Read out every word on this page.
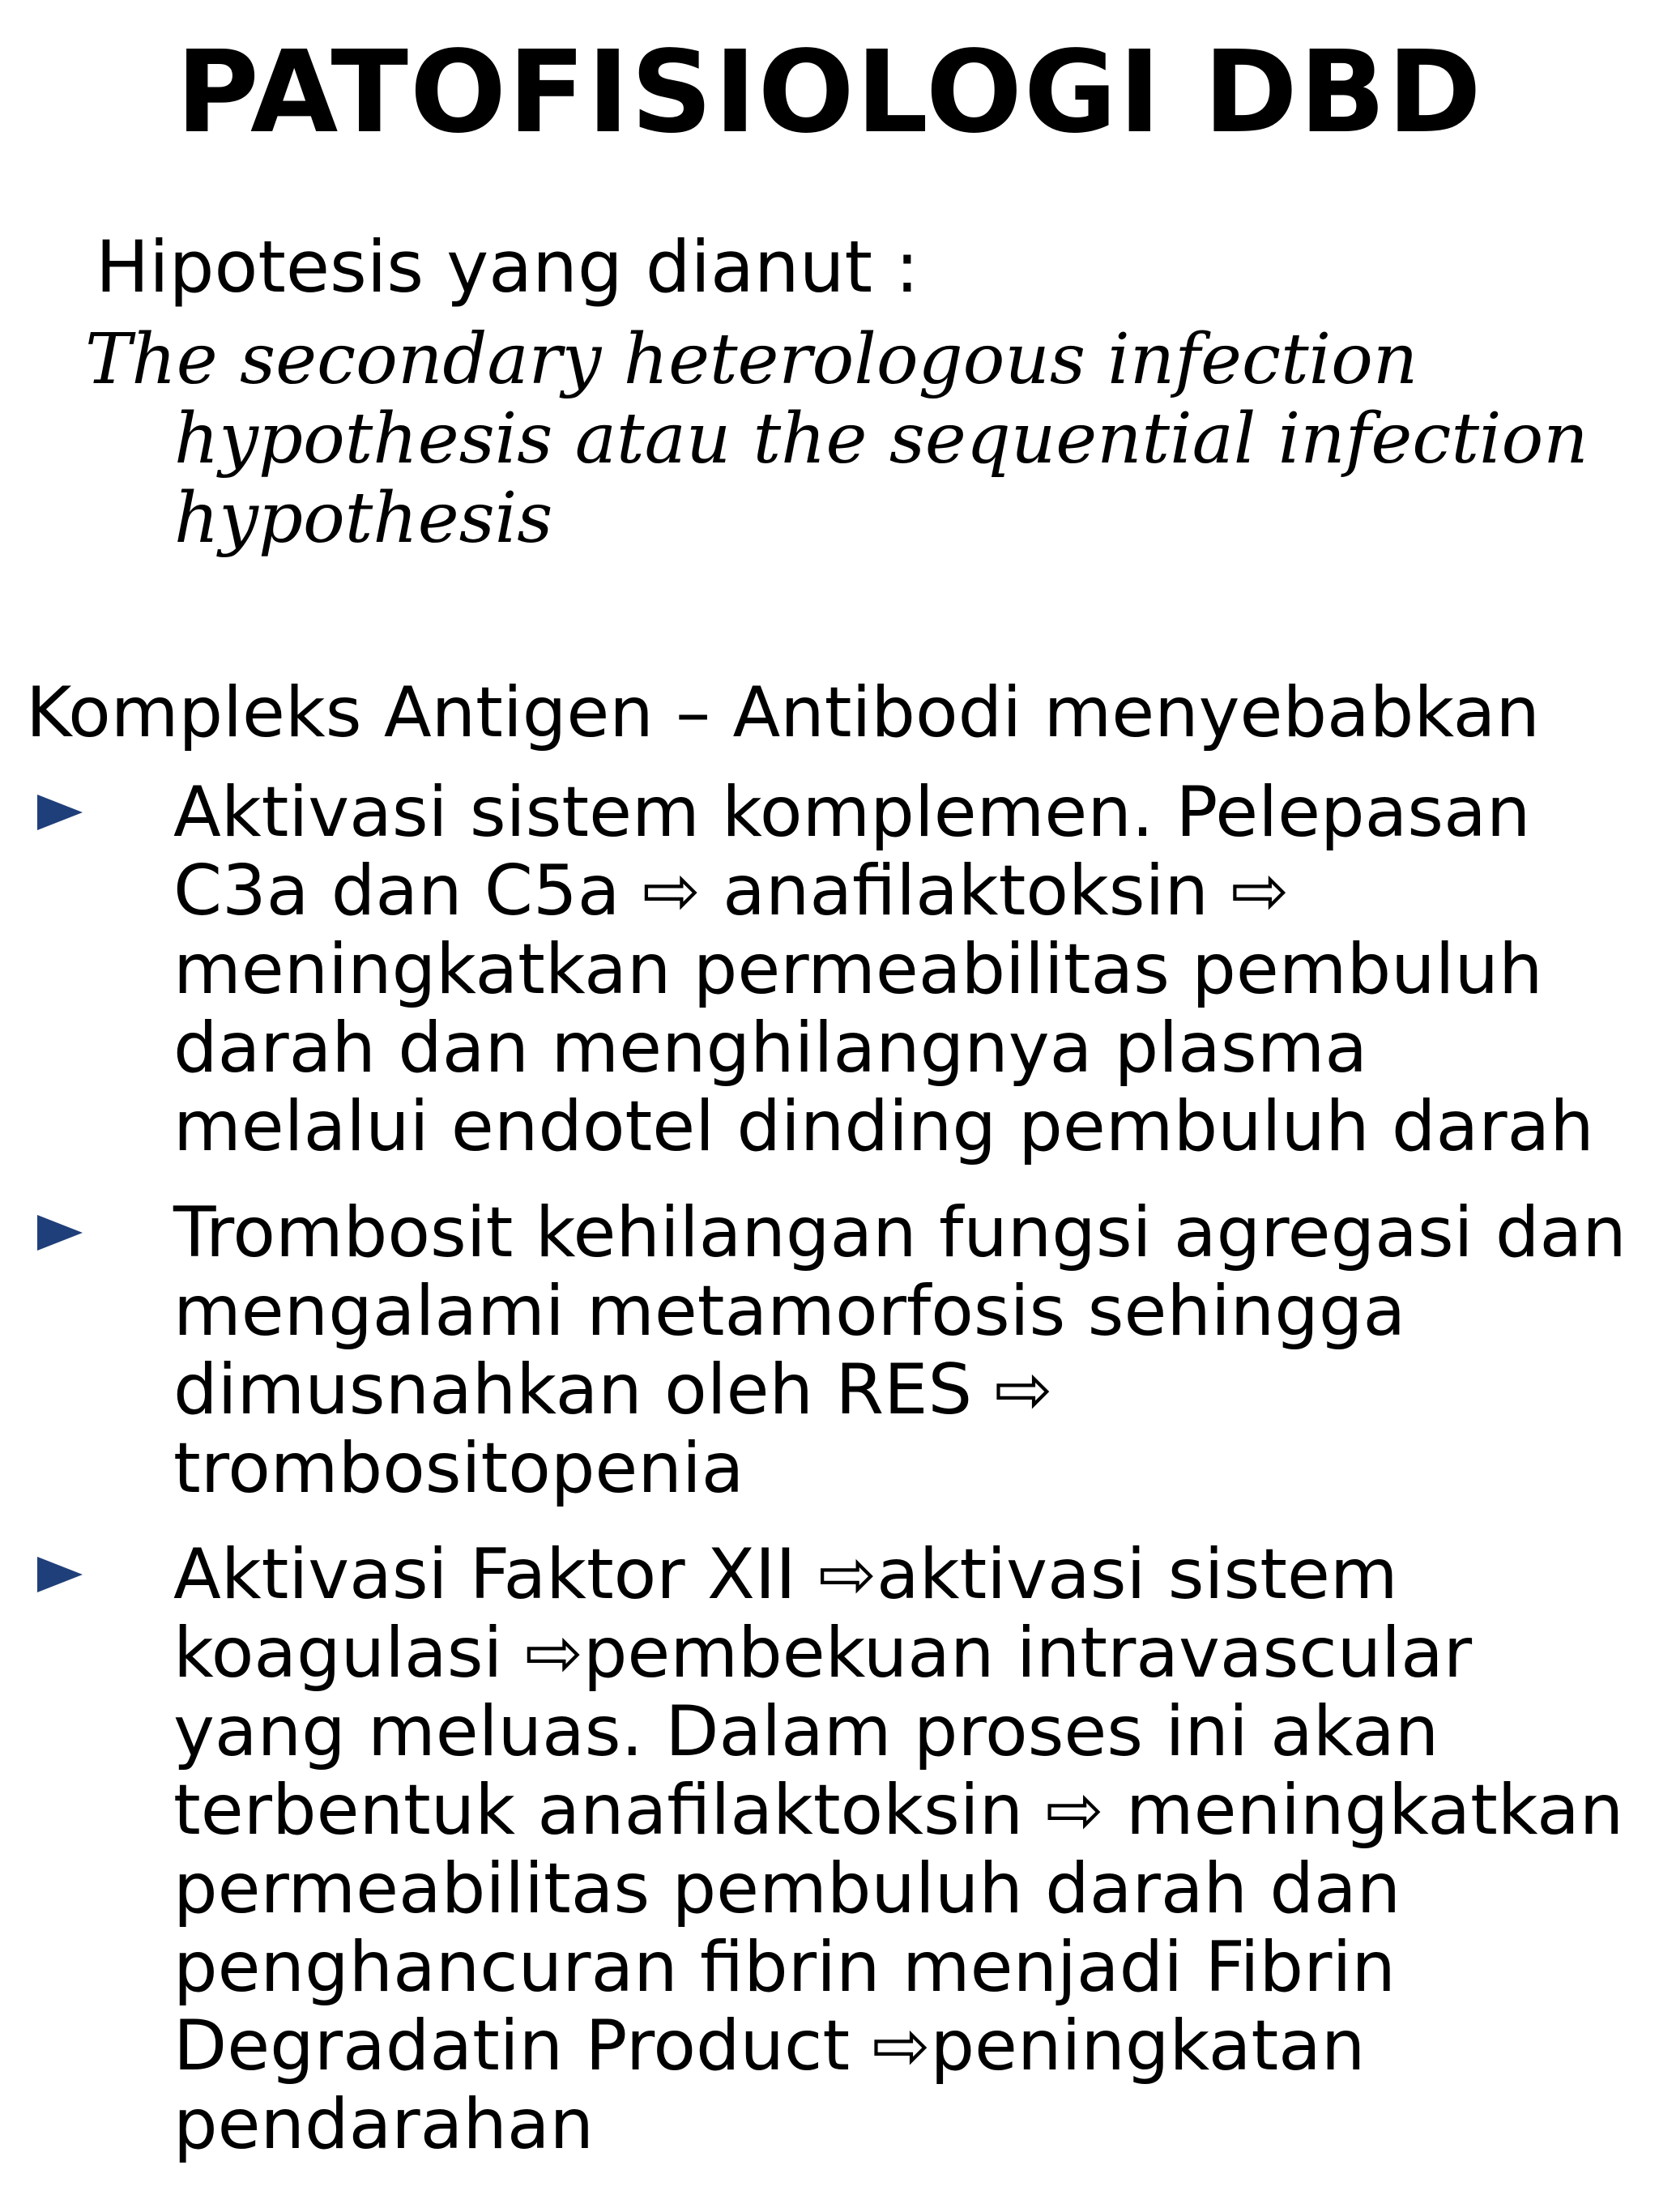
PATOFISIOLOGI DBD

Hipotesis yang dianut :

The secondary heterologous infection hypothesis atau the sequential infection hypothesis

Kompleks Antigen – Antibodi menyebabkan

Aktivasi sistem komplemen. Pelepasan C3a dan C5a ⇨ anafilaktoksin ⇨ meningkatkan permeabilitas pembuluh darah dan menghilangnya plasma melalui endotel dinding pembuluh darah
Trombosit kehilangan fungsi agregasi dan mengalami metamorfosis sehingga dimusnahkan oleh RES ⇨ trombositopenia
Aktivasi Faktor XII ⇨aktivasi sistem koagulasi ⇨pembekuan intravascular yang meluas. Dalam proses ini akan terbentuk anafilaktoksin ⇨ meningkatkan permeabilitas pembuluh darah dan penghancuran fibrin menjadi Fibrin Degradatin Product ⇨peningkatan pendarahan
